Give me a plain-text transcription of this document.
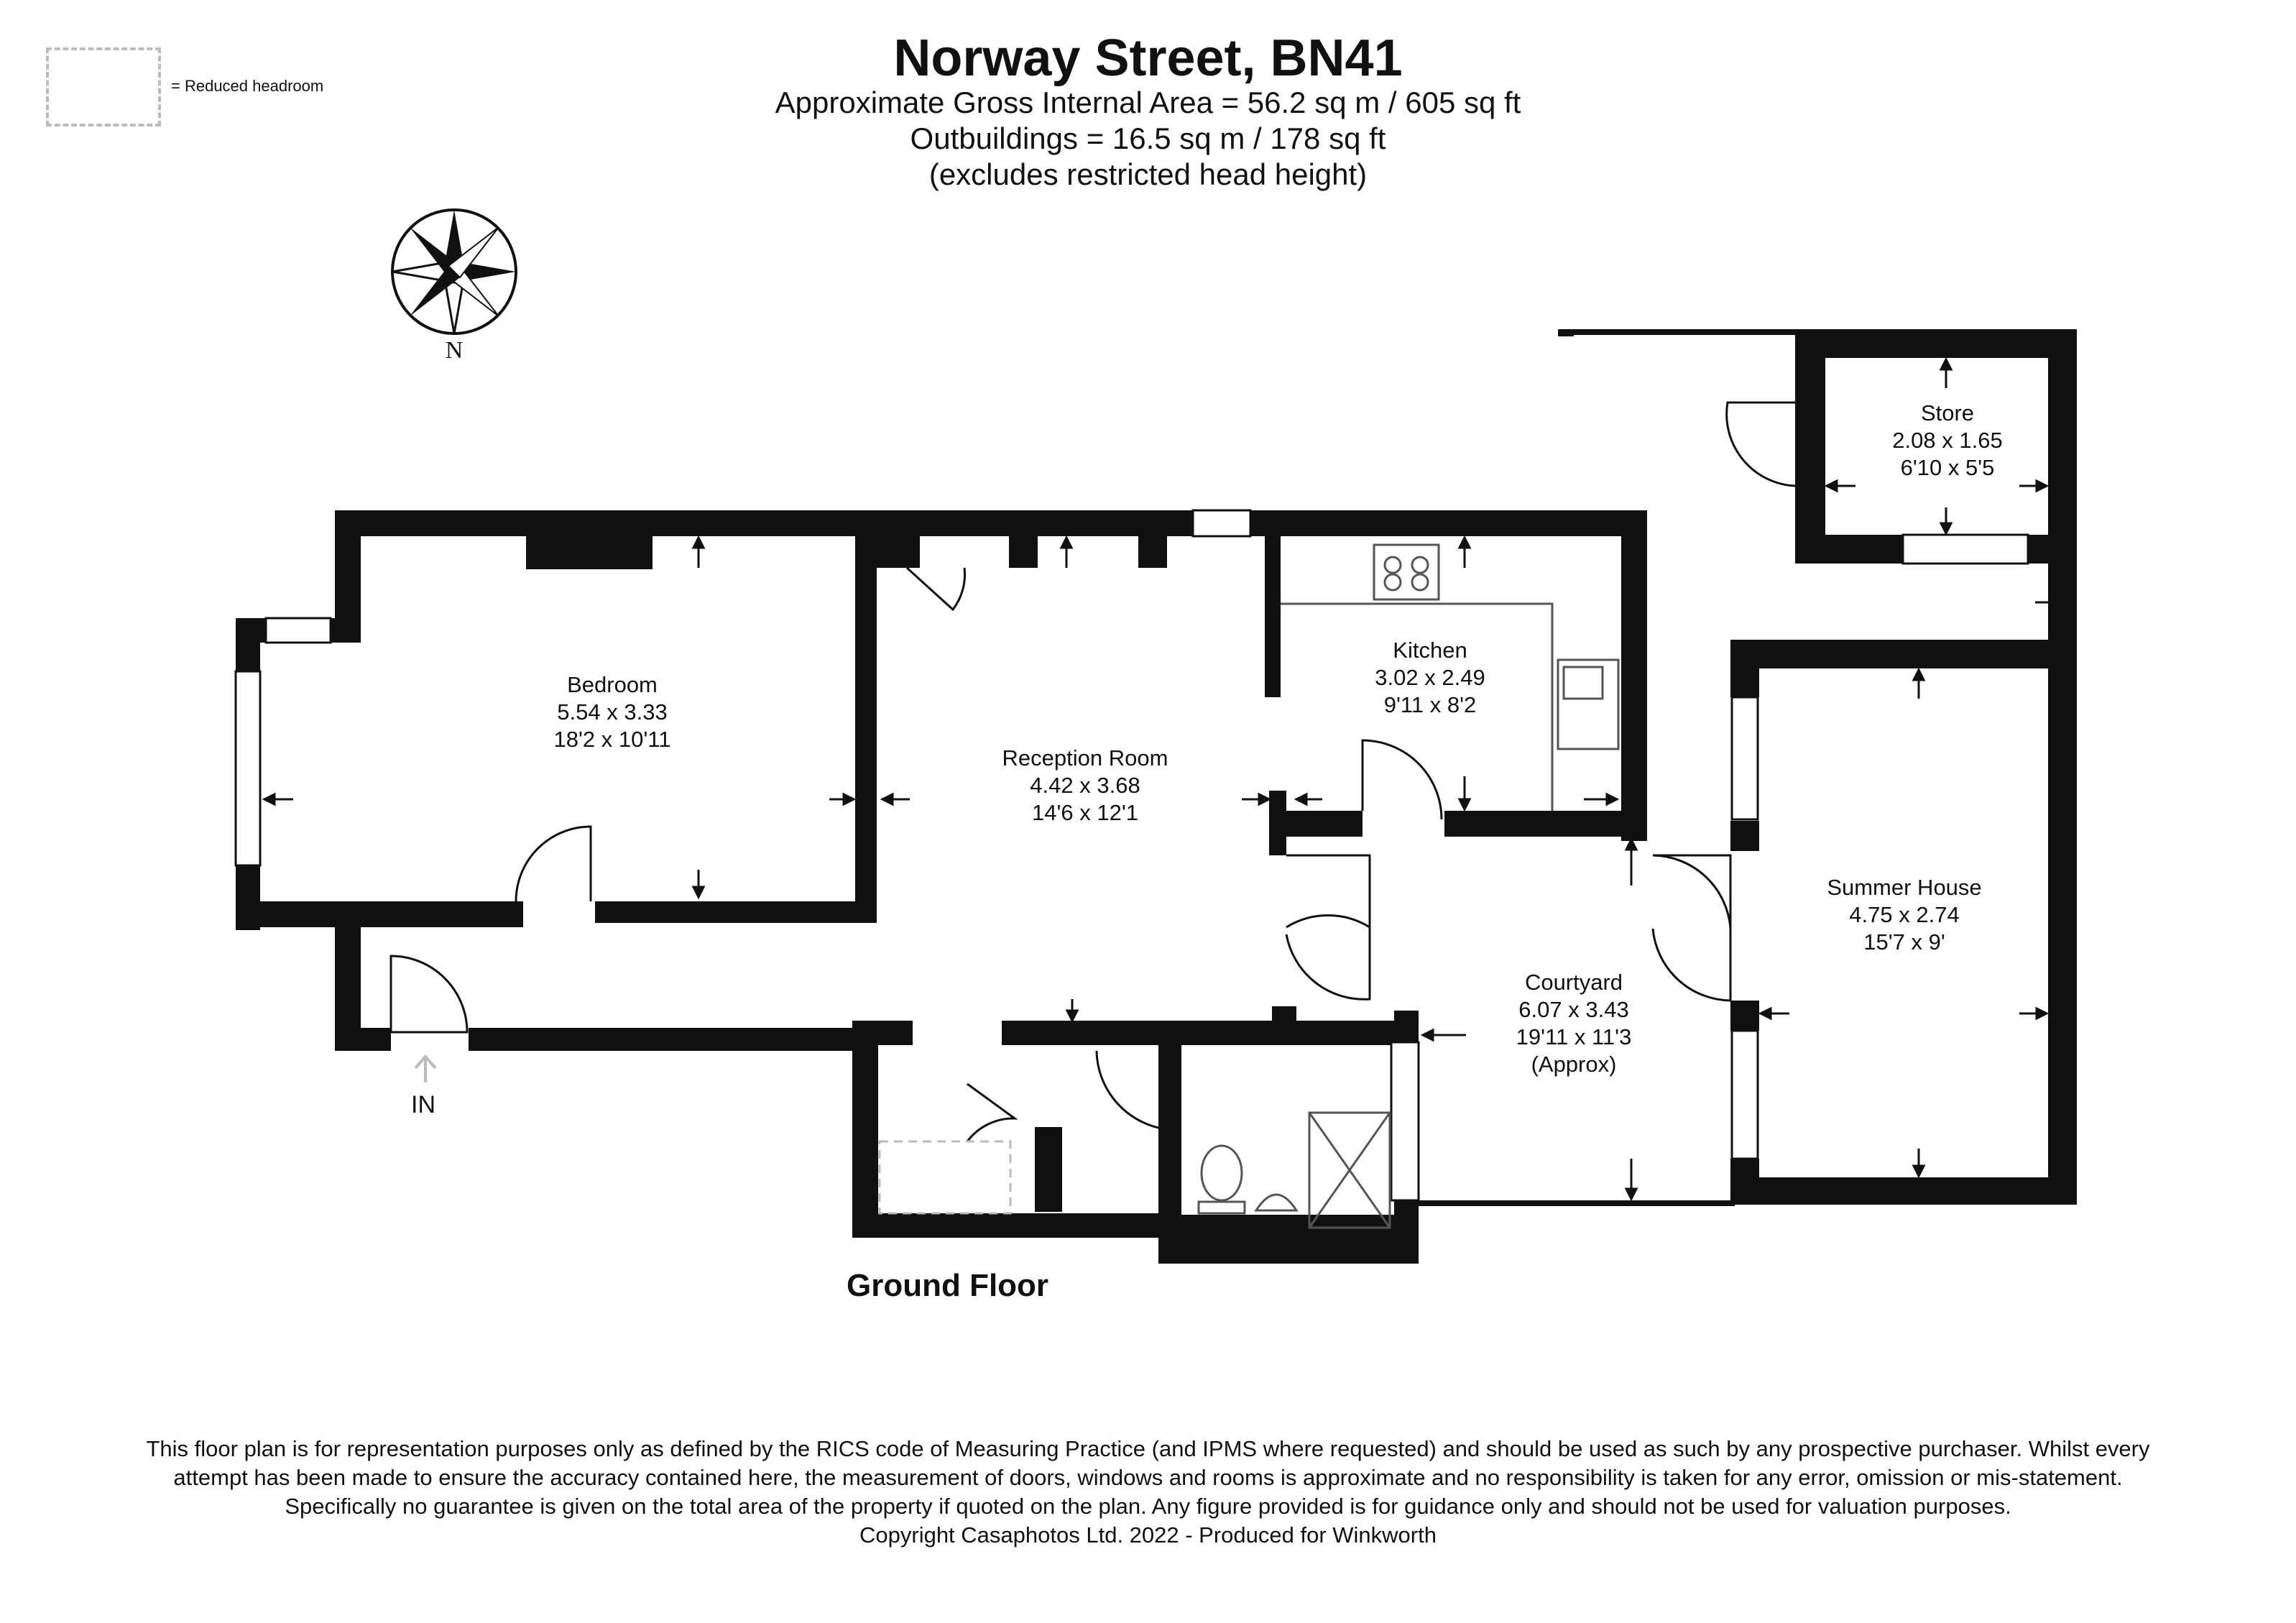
Norway Street, BN41
Approximate Gross Internal Area = 56.2 sq m / 605 sq ft
Outbuildings = 16.5 sq m / 178 sq ft
(excludes restricted head height)
= Reduced headroom
N
Bedroom
5.54 x 3.33
18'2 x 10'11
Reception Room
4.42 x 3.68
14'6 x 12'1
Kitchen
3.02 x 2.49
9'11 x 8'2
Store
2.08 x 1.65
6'10 x 5'5
Summer House
4.75 x 2.74
15'7 x 9'
Courtyard
6.07 x 3.43
19'11 x 11'3
(Approx)
IN
Ground Floor
This floor plan is for representation purposes only as defined by the RICS code of Measuring Practice (and IPMS where requested) and should be used as such by any prospective purchaser. Whilst every attempt has been made to ensure the accuracy contained here, the measurement of doors, windows and rooms is approximate and no responsibility is taken for any error, omission or mis-statement. Specifically no guarantee is given on the total area of the property if quoted on the plan. Any figure provided is for guidance only and should not be used for valuation purposes.
Copyright Casaphotos Ltd. 2022 - Produced for Winkworth
